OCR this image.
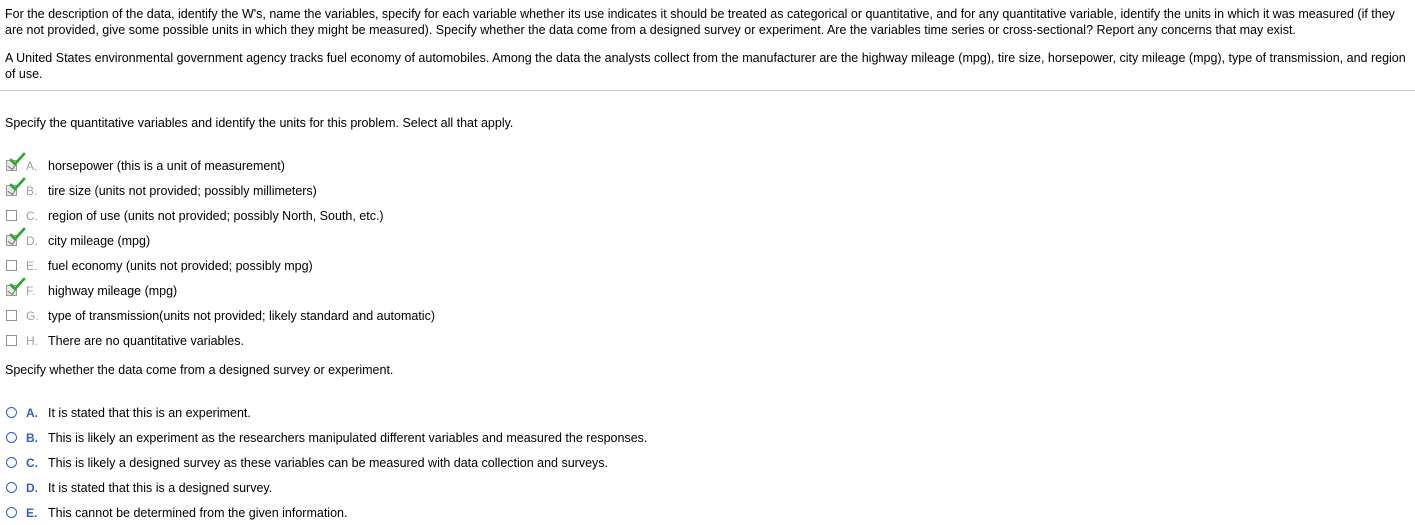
For the description of the data, identify the W's, name the variables, specify for each variable whether its use indicates it should be treated as categorical or quantitative, and for any quantitative variable, identify the units in which it was measured (if they are not provided, give some possible units in which they might be measured). Specify whether the data come from a designed survey or experiment. Are the variables time series or cross-sectional? Report any concerns that may exist.

A United States environmental government agency tracks fuel economy of automobiles. Among the data the analysts collect from the manufacturer are the highway mileage (mpg), tire size, horsepower, city mileage (mpg), type of transmission, and region of use.

Specify the quantitative variables and identify the units for this problem. Select all that apply.

A. horsepower (this is a unit of measurement)
B. tire size (units not provided; possibly millimeters)
C. region of use (units not provided; possibly North, South, etc.)
D. city mileage (mpg)
E. fuel economy (units not provided; possibly mpg)
F.	highway mileage (mpg)
G. type of transmission(units not provided; likely standard and automatic)
H. There are no quantitative variables.

Specify whether the data come from a designed survey or experiment.

A. It is stated that this is an experiment.
B. This is likely an experiment as the researchers manipulated different variables and measured the responses.
C. This is likely a designed survey as these variables can be measured with data collection and surveys.
D. It is stated that this is a designed survey.
E. This cannot be determined from the given information.
